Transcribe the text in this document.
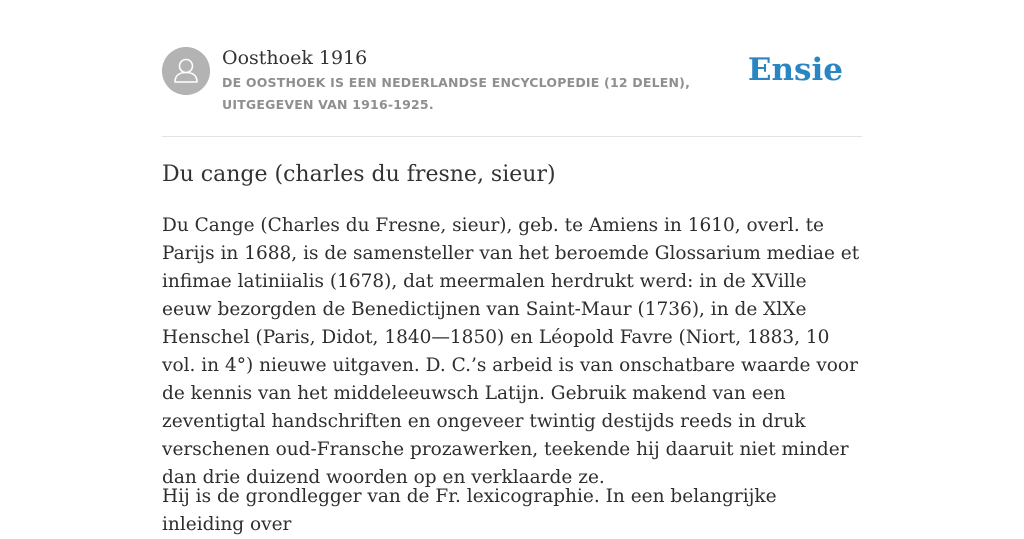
Oosthoek 1916
DE OOSTHOEK IS EEN NEDERLANDSE ENCYCLOPEDIE (12 DELEN), UITGEGEVEN VAN 1916-1925.
Ensie
Du cange (charles du fresne, sieur)

Du Cange (Charles du Fresne, sieur), geb. te Amiens in 1610, overl. te Parijs in 1688, is de samensteller van het beroemde Glossarium mediae et infimae latiniialis (1678), dat meermalen herdrukt werd: in de XVille eeuw bezorgden de Benedictijnen van Saint-Maur (1736), in de XlXe Henschel (Paris, Didot, 1840—1850) en Léopold Favre (Niort, 1883, 10 vol. in 4°) nieuwe uitgaven. D. C.’s arbeid is van onschatbare waarde voor de kennis van het middeleeuwsch Latijn. Gebruik makend van een zeventigtal handschriften en ongeveer twintig destijds reeds in druk verschenen oud-Fransche prozawerken, teekende hij daaruit niet minder dan drie duizend woorden op en verklaarde ze.

Hij is de grondlegger van de Fr. lexicographie. In een belangrijke inleiding over
